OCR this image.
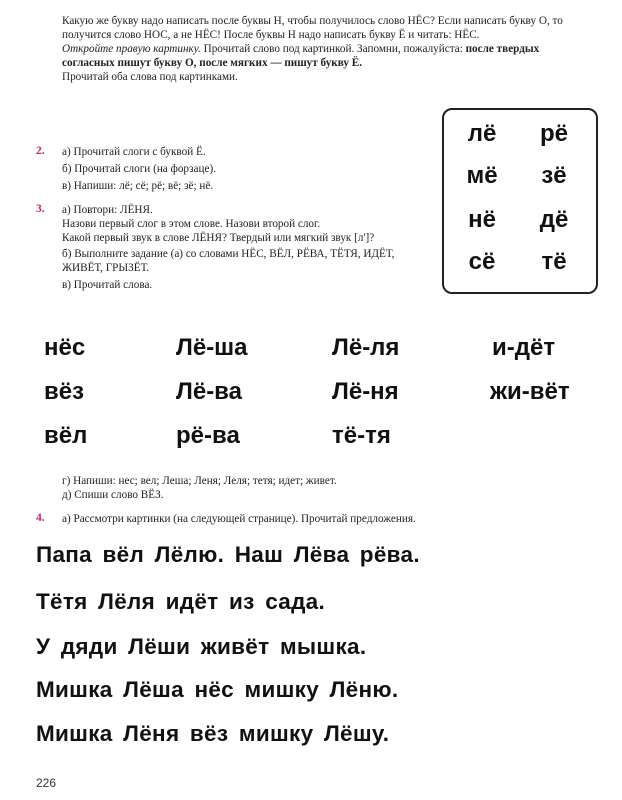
Какую же букву надо написать после буквы Н, чтобы получилось слово НЁС? Если написать букву О, то получится слово НОС, а не НЁС! После буквы Н надо написать букву Ё и читать: НЁС.

Откройте правую картинку. Прочитай слово под картинкой. Запомни, пожалуйста: после твердых согласных пишут букву О, после мягких — пишут букву Ё.

Прочитай оба слова под картинками.

2. а) Прочитай слоги с буквой Ё.
б) Прочитай слоги (на форзаце).
в) Напиши: лё; сё; рё; вё; зё; нё.
3. а) Повтори: ЛЁНЯ.
Назови первый слог в этом слове. Назови второй слог.
Какой первый звук в слове ЛЁНЯ? Твердый или мягкий звук [л']?
б) Выполните задание (а) со словами НЁС, ВЁЛ, РЁВА, ТЁТЯ, ИДЁТ, ЖИВЁТ, ГРЫЗЁТ.
в) Прочитай слова.
лё	рё
мё	зё
нё	дё
сё	тё
нёс	Лё-ша	Лё-ля	и-дёт
вёз	Лё-ва	Лё-ня	жи-вёт
вёл	рё-ва	тё-тя
г) Напиши: нес; вел; Леша; Леня; Леля; тетя; идет; живет.
д) Спиши слово ВЁЗ.
4. а) Рассмотри картинки (на следующей странице). Прочитай предложения.
Папа вёл Лёлю. Наш Лёва рёва.
Тётя Лёля идёт из сада.
У дяди Лёши живёт мышка.
Мишка Лёша нёс мишку Лёню.
Мишка Лёня вёз мишку Лёшу.
226
